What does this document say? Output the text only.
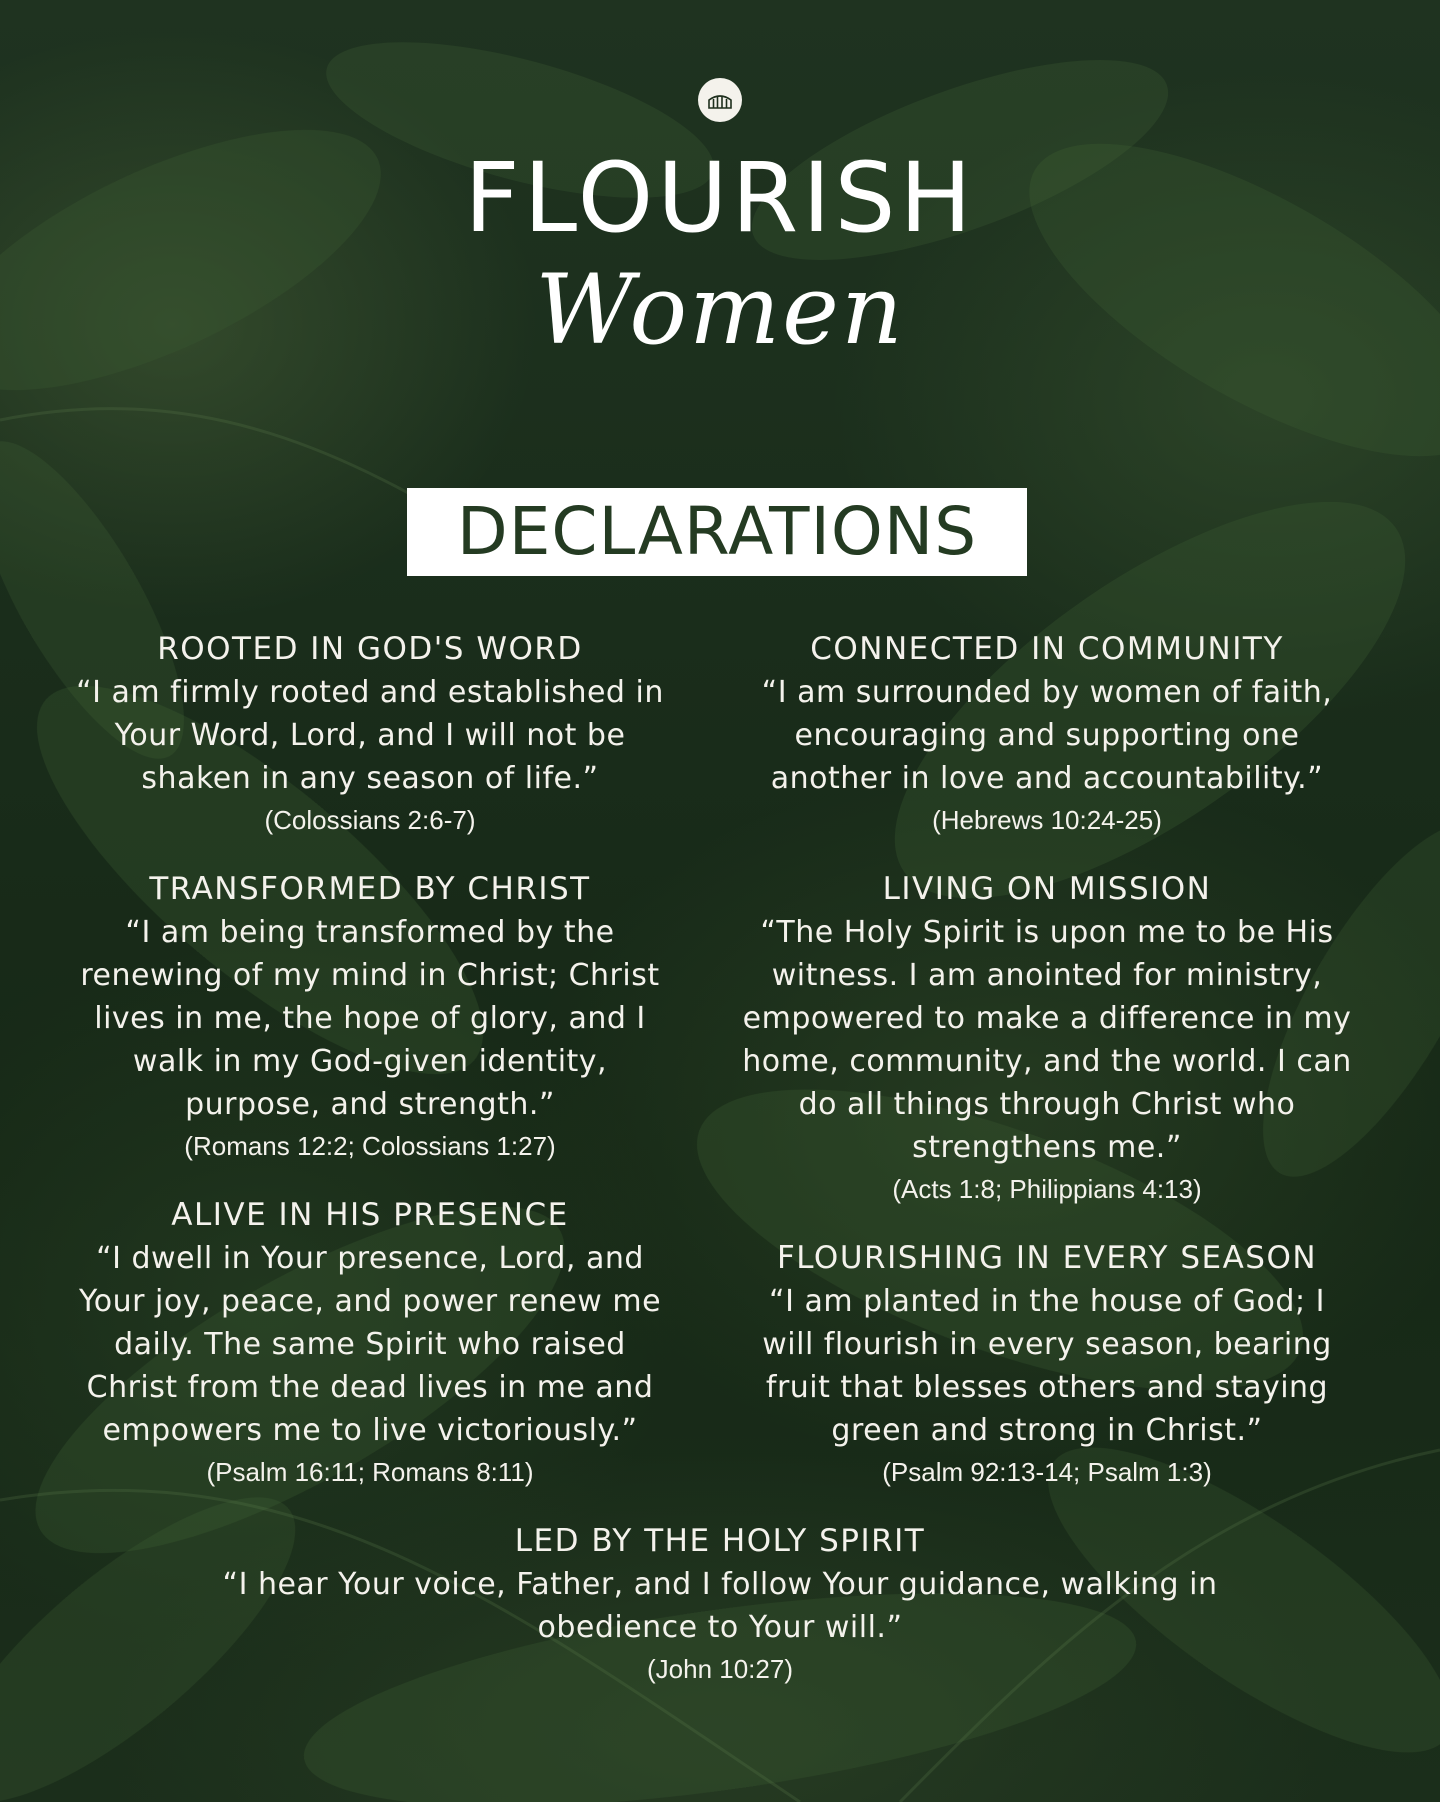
FLOURISH
Women
DECLARATIONS
ROOTED IN GOD'S WORD
“I am firmly rooted and established in Your Word, Lord, and I will not be shaken in any season of life.”
(Colossians 2:6-7)
TRANSFORMED BY CHRIST
“I am being transformed by the renewing of my mind in Christ; Christ lives in me, the hope of glory, and I walk in my God-given identity, purpose, and strength.”
(Romans 12:2; Colossians 1:27)
ALIVE IN HIS PRESENCE
“I dwell in Your presence, Lord, and Your joy, peace, and power renew me daily. The same Spirit who raised Christ from the dead lives in me and empowers me to live victoriously.”
(Psalm 16:11; Romans 8:11)
CONNECTED IN COMMUNITY
“I am surrounded by women of faith, encouraging and supporting one another in love and accountability.”
(Hebrews 10:24-25)
LIVING ON MISSION
“The Holy Spirit is upon me to be His witness. I am anointed for ministry, empowered to make a difference in my home, community, and the world. I can do all things through Christ who strengthens me.”
(Acts 1:8; Philippians 4:13)
FLOURISHING IN EVERY SEASON
“I am planted in the house of God; I will flourish in every season, bearing fruit that blesses others and staying green and strong in Christ.”
(Psalm 92:13-14; Psalm 1:3)
LED BY THE HOLY SPIRIT
“I hear Your voice, Father, and I follow Your guidance, walking in obedience to Your will.”
(John 10:27)
